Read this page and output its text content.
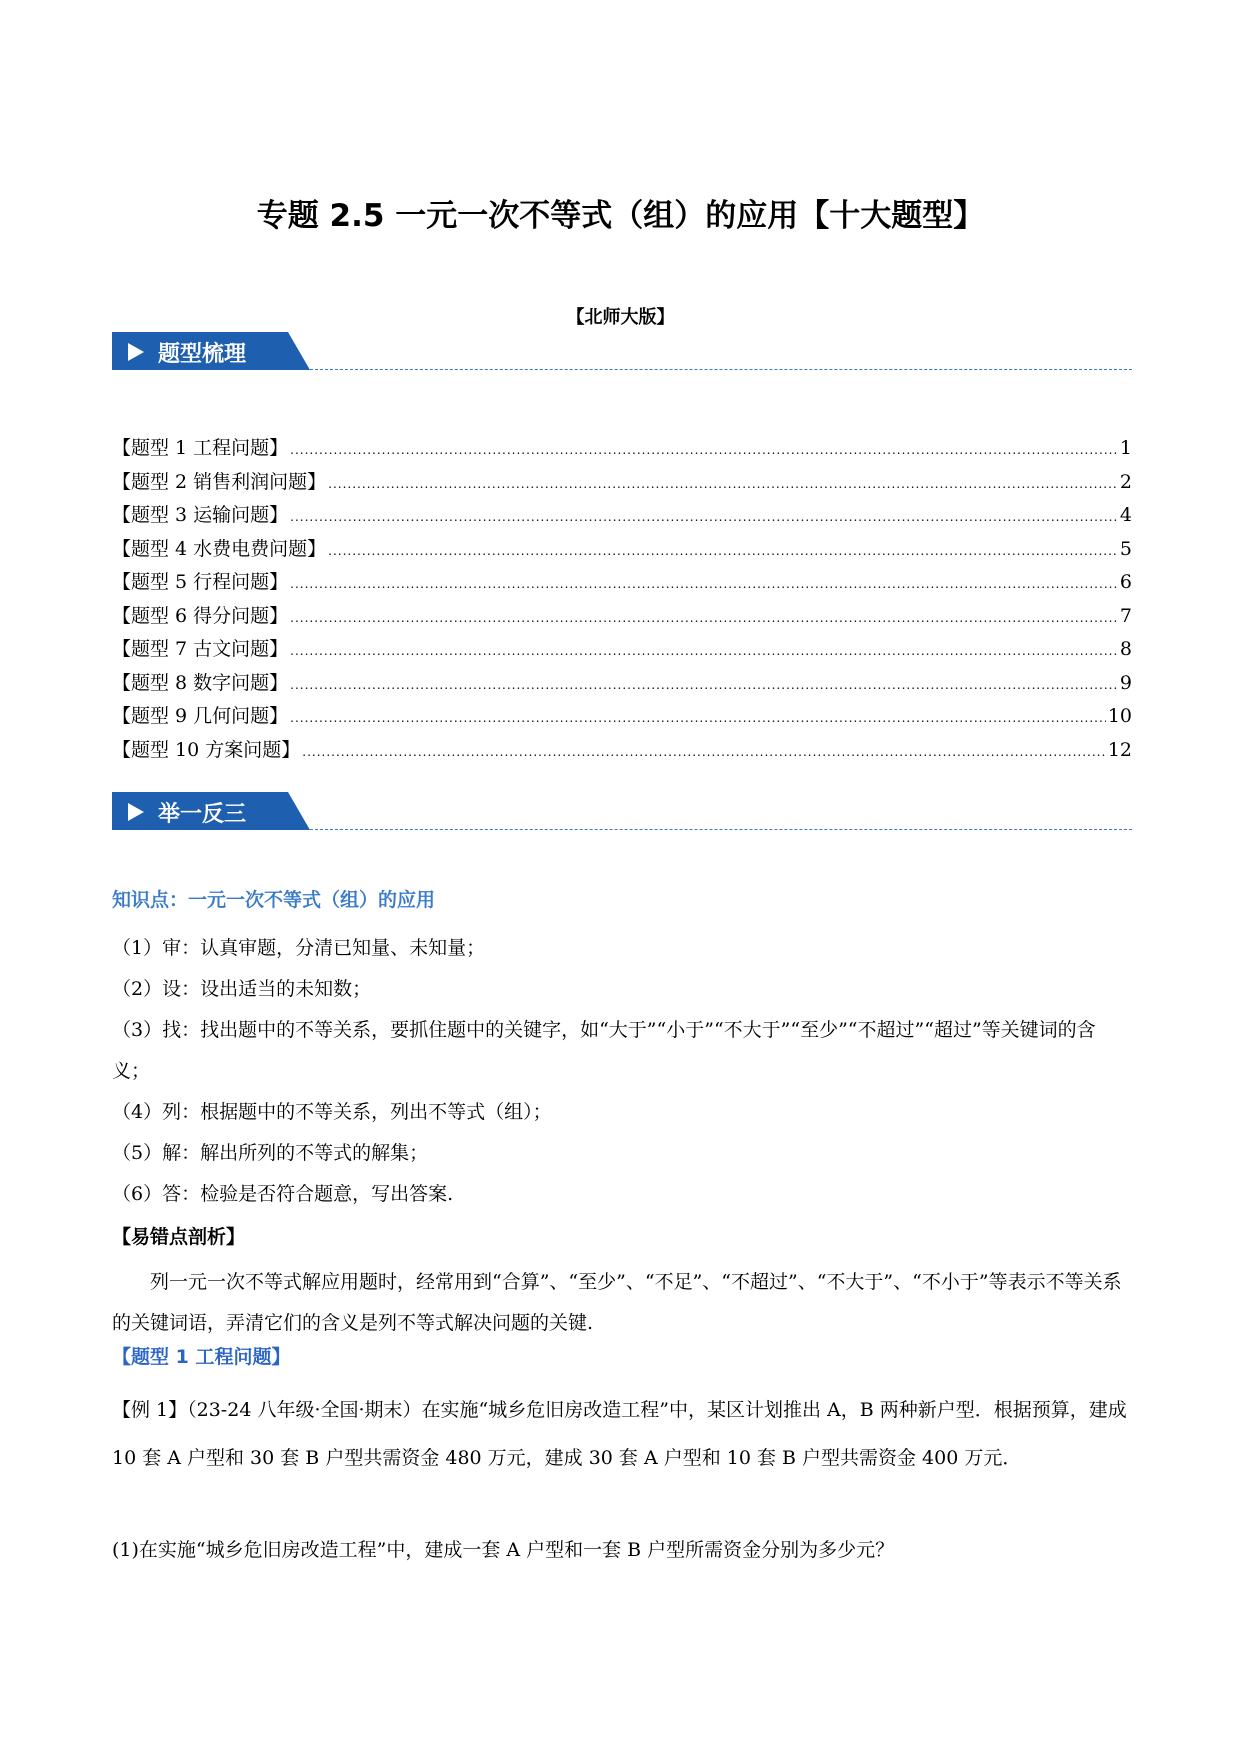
专题 2.5 一元一次不等式（组）的应用【十大题型】
【北师大版】
题型梳理
【题型 1 工程问题】 .....	1
【题型 2 销售利润问题】 .....	2
【题型 3 运输问题】 .....	4
【题型 4 水费电费问题】 .....	5
【题型 5 行程问题】 .....	6
【题型 6 得分问题】 .....	7
【题型 7 古文问题】 .....	8
【题型 8 数字问题】 .....	9
【题型 9 几何问题】 .....	10
【题型 10 方案问题】 .....	12
举一反三
知识点：一元一次不等式（组）的应用
（1）审：认真审题，分清已知量、未知量；
（2）设：设出适当的未知数；
（3）找：找出题中的不等关系，要抓住题中的关键字，如“大于”“小于”“不大于”“至少”“不超过”“超过”等关键词的含义；
（4）列：根据题中的不等关系，列出不等式（组）；
（5）解：解出所列的不等式的解集；
（6）答：检验是否符合题意，写出答案.
【易错点剖析】
列一元一次不等式解应用题时，经常用到“合算”、“至少”、“不足”、“不超过”、“不大于”、“不小于”等表示不等关系的关键词语，弄清它们的含义是列不等式解决问题的关键.
【题型 1 工程问题】
【例 1】（23-24 八年级·全国·期末）在实施“城乡危旧房改造工程”中，某区计划推出 A，B 两种新户型．根据预算，建成 10 套 A 户型和 30 套 B 户型共需资金 480 万元，建成 30 套 A 户型和 10 套 B 户型共需资金 400 万元．
(1)在实施“城乡危旧房改造工程”中，建成一套 A 户型和一套 B 户型所需资金分别为多少元？
